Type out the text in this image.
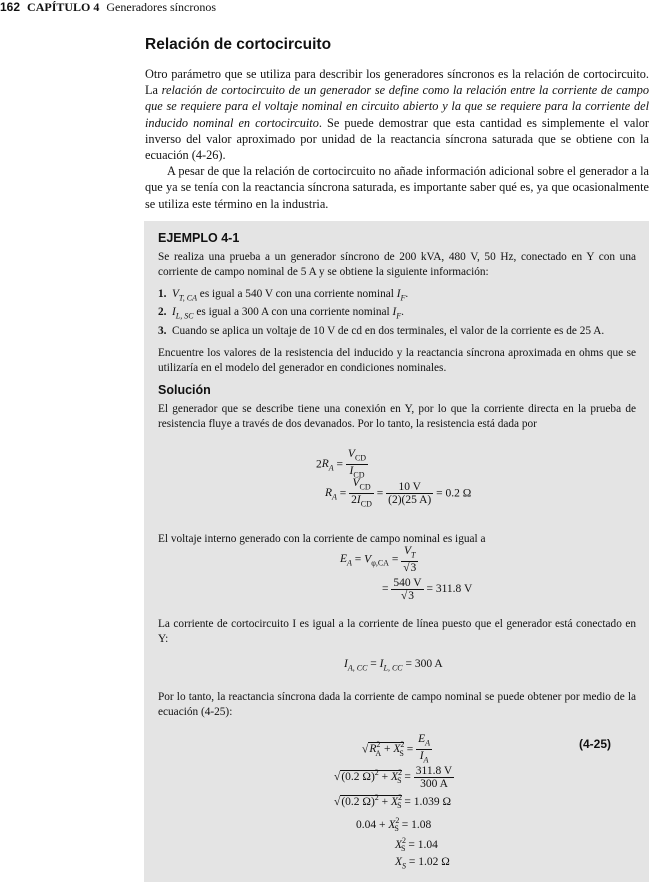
162 CAPÍTULO 4 Generadores síncronos
Relación de cortocircuito

Otro parámetro que se utiliza para describir los generadores síncronos es la relación de cortocircuito. La relación de cortocircuito de un generador se define como la relación entre la corriente de campo que se requiere para el voltaje nominal en circuito abierto y la que se requiere para la corriente del inducido nominal en cortocircuito. Se puede demostrar que esta cantidad es simplemente el valor inverso del valor aproximado por unidad de la reactancia síncrona saturada que se obtiene con la ecuación (4-26).

A pesar de que la relación de cortocircuito no añade información adicional sobre el generador a la que ya se tenía con la reactancia síncrona saturada, es importante saber qué es, ya que ocasionalmente se utiliza este término en la industria.

EJEMPLO 4-1

Se realiza una prueba a un generador síncrono de 200 kVA, 480 V, 50 Hz, conectado en Y con una corriente de campo nominal de 5 A y se obtiene la siguiente información:

1. $V_{T, CA}$ es igual a 540 V con una corriente nominal $I_F$.
2. $I_{L, SC}$ es igual a 300 A con una corriente nominal $I_F$.
3. Cuando se aplica un voltaje de 10 V de cd en dos terminales, el valor de la corriente es de 25 A.

Encuentre los valores de la resistencia del inducido y la reactancia síncrona aproximada en ohms que se utilizaría en el modelo del generador en condiciones nominales.

Solución

El generador que se describe tiene una conexión en Y, por lo que la corriente directa en la prueba de resistencia fluye a través de dos devanados. Por lo tanto, la resistencia está dada por

$2R_A = \frac{V_{CD}}{I_{CD}}$
$R_A = \frac{V_{CD}}{2I_{CD}} = \frac{10 V}{(2)(25 A)} = 0.2$ Ω

El voltaje interno generado con la corriente de campo nominal es igual a

$E_A = V_{\varphi,CA} = \frac{V_T}{√3}$
= $\frac{540 V}{√3} = 311.8$ V
La corriente de cortocircuito I es igual a la corriente de línea puesto que el generador está conectado en Y:
$I_{A, CC} = I_{L, CC} = 300$ A
Por lo tanto, la reactancia síncrona dada la corriente de campo nominal se puede obtener por medio de la ecuación (4-25):
$√R^2_A + X^2_S = \frac{E_A}{I_A}$	(4-25)
√(0.2 $\Omega)^2 + X^2_S = \frac{311.8 V}{300 A}$
√(0.2 $\Omega)^2 + X^2_S = 1.039$ Ω
$0.04 + X^2_S = 1.08$
$X^2_S = 1.04$
$X_S = 1.02$ Ω
